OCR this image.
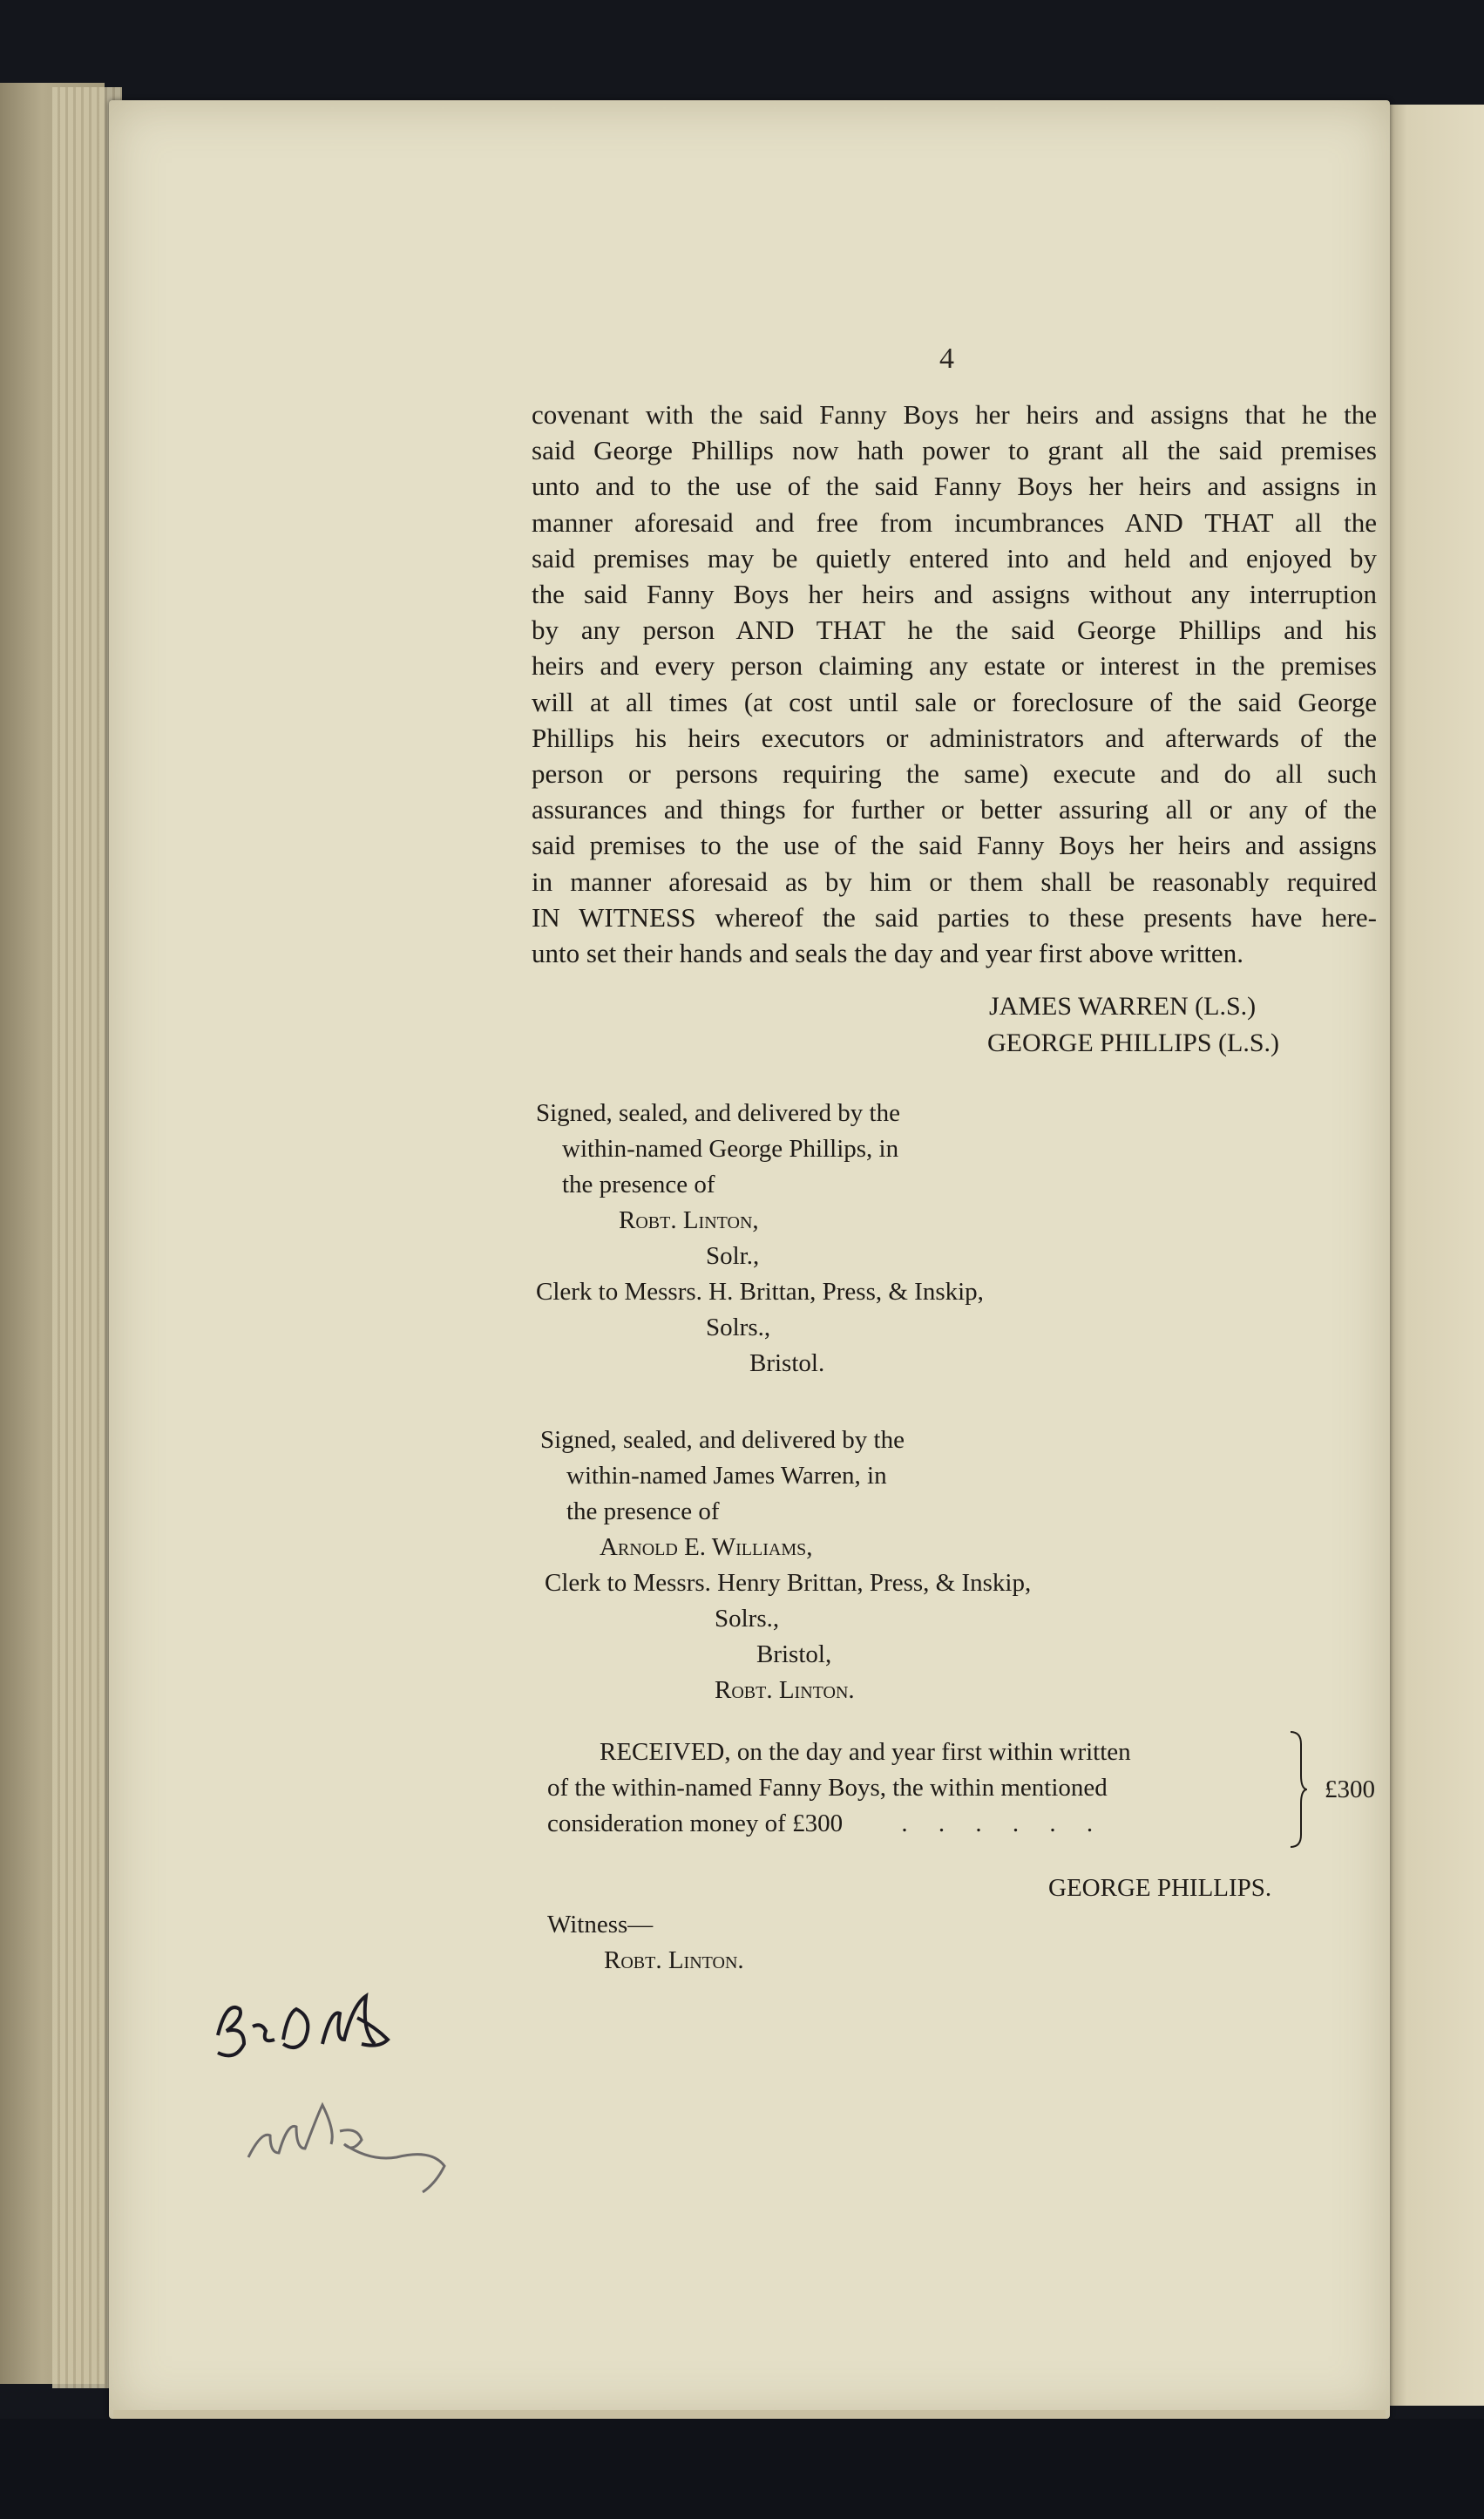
4
covenant with the said Fanny Boys her heirs and assigns that he the
said George Phillips now hath power to grant all the said premises
unto and to the use of the said Fanny Boys her heirs and assigns in
manner aforesaid and free from incumbrances AND THAT all the
said premises may be quietly entered into and held and enjoyed by
the said Fanny Boys her heirs and assigns without any interruption
by any person AND THAT he the said George Phillips and his
heirs and every person claiming any estate or interest in the premises
will at all times (at cost until sale or foreclosure of the said George
Phillips his heirs executors or administrators and afterwards of the
person or persons requiring the same) execute and do all such
assurances and things for further or better assuring all or any of the
said premises to the use of the said Fanny Boys her heirs and assigns
in manner aforesaid as by him or them shall be reasonably required
IN WITNESS whereof the said parties to these presents have here-
unto set their hands and seals the day and year first above written.
JAMES WARREN (L.S.)
GEORGE PHILLIPS (L.S.)
Signed, sealed, and delivered by the
within-named George Phillips, in
the presence of
Robt. Linton,
Solr.,
Clerk to Messrs. H. Brittan, Press, & Inskip,
Solrs.,
Bristol.
Signed, sealed, and delivered by the
within-named James Warren, in
the presence of
Arnold E. Williams,
Clerk to Messrs. Henry Brittan, Press, & Inskip,
Solrs.,
Bristol,
Robt. Linton.
RECEIVED, on the day and year first within written
of the within-named Fanny Boys, the within mentioned
consideration money of £300 . . . . . .
£300
GEORGE PHILLIPS.
Witness—
Robt. Linton.
